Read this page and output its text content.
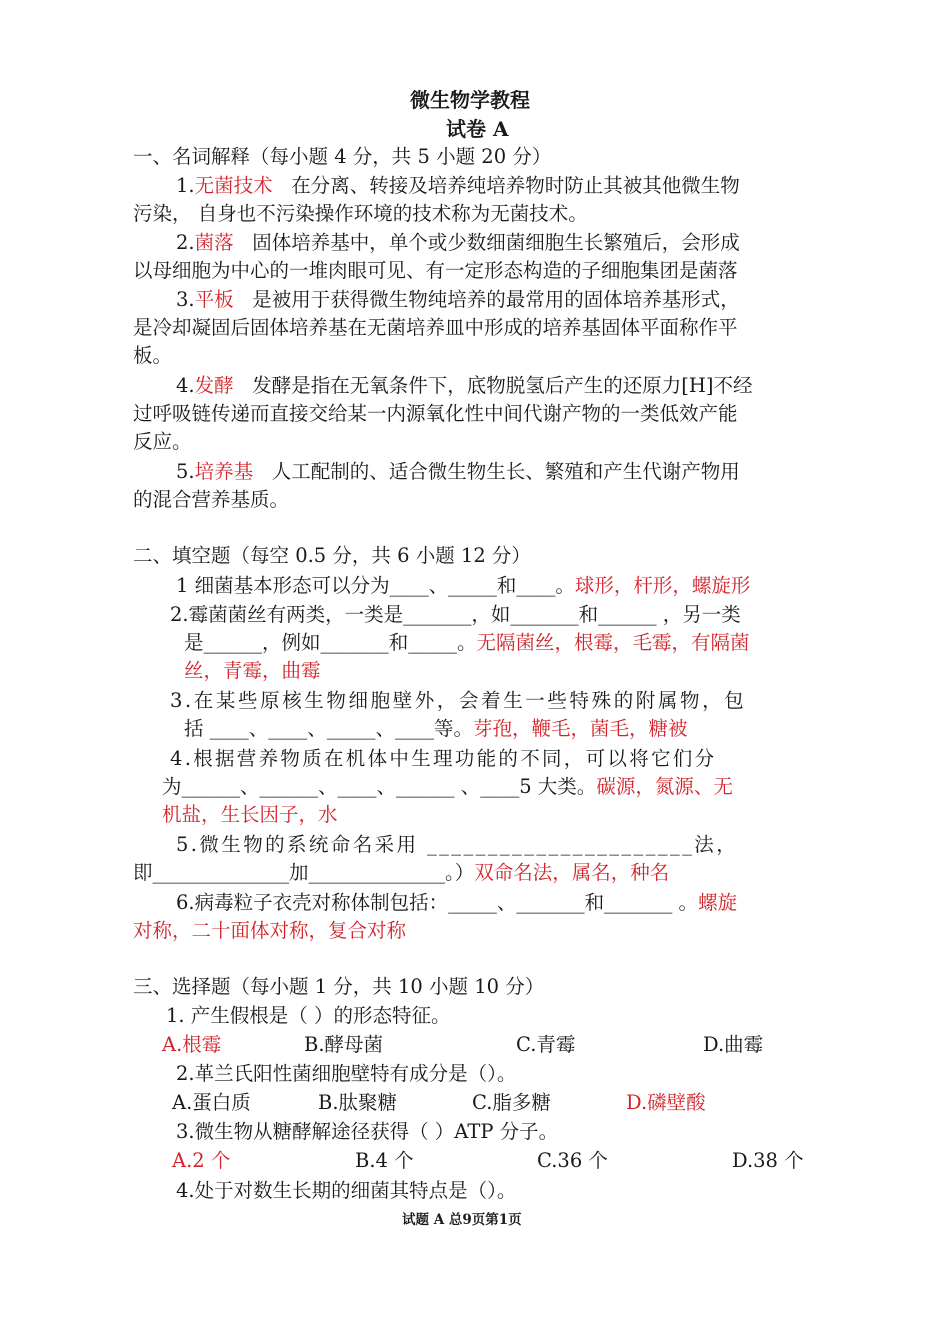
微生物学教程
试卷 A
一、名词解释（每小题 4 分，共 5 小题 20 分）
1.无菌技术 在分离、转接及培养纯培养物时防止其被其他微生物
污染， 自身也不污染操作环境的技术称为无菌技术。
2.菌落 固体培养基中，单个或少数细菌细胞生长繁殖后，会形成
以母细胞为中心的一堆肉眼可见、有一定形态构造的子细胞集团是菌落
3.平板 是被用于获得微生物纯培养的最常用的固体培养基形式，
是冷却凝固后固体培养基在无菌培养皿中形成的培养基固体平面称作平
板。
4.发酵 发酵是指在无氧条件下，底物脱氢后产生的还原力[H]不经
过呼吸链传递而直接交给某一内源氧化性中间代谢产物的一类低效产能
反应。
5.培养基 人工配制的、适合微生物生长、繁殖和产生代谢产物用
的混合营养基质。
二、填空题（每空 0.5 分，共 6 小题 12 分）
1 细菌基本形态可以分为____、_____和____。球形，杆形，螺旋形
2.霉菌菌丝有两类，一类是_______，如_______和______ ，另一类
是______，例如_______和_____。无隔菌丝，根霉，毛霉，有隔菌
丝，青霉，曲霉
3.在某些原核生物细胞壁外，会着生一些特殊的附属物，包
括 ____、____、_____、____等。芽孢，鞭毛，菌毛，糖被
4.根据营养物质在机体中生理功能的不同，可以将它们分
为______、______、____、______ 、____5 大类。碳源，氮源、无
机盐，生长因子，水
5.微生物的系统命名采用 ______________________法，
即______________加______________。）双命名法，属名，种名
6.病毒粒子衣壳对称体制包括：_____、_______和_______ 。螺旋
对称，二十面体对称，复合对称
三、选择题（每小题 1 分，共 10 小题 10 分）
1. 产生假根是（ ）的形态特征。
A.根霉	B.酵母菌	C.青霉	D.曲霉
2.革兰氏阳性菌细胞壁特有成分是（）。
A.蛋白质	B.肽聚糖	C.脂多糖	D.磷壁酸
3.微生物从糖酵解途径获得（ ）ATP 分子。
A.2 个	B.4 个	C.36 个	D.38 个
4.处于对数生长期的细菌其特点是（）。
试题 A 总9页第1页
